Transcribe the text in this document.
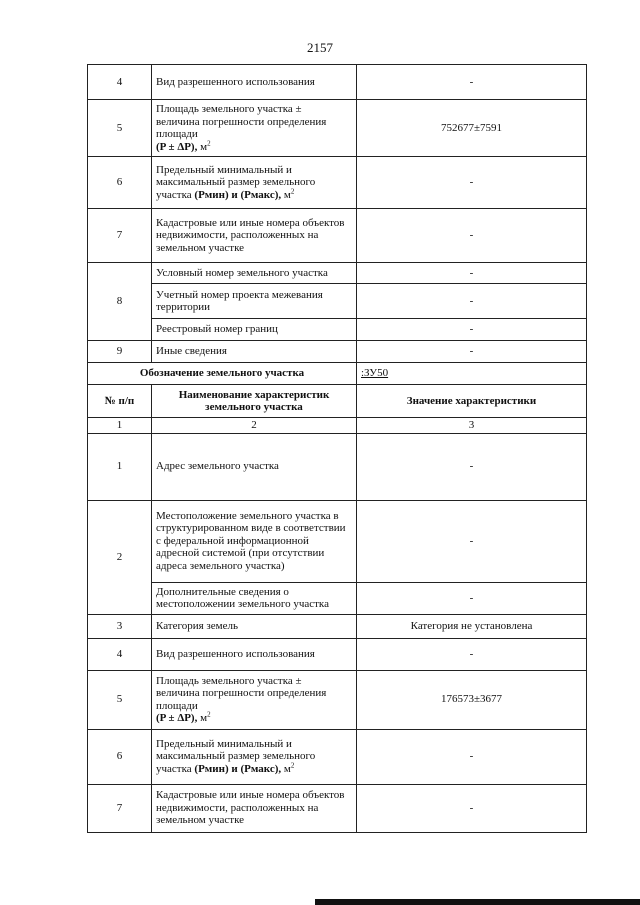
2157
4	Вид разрешенного использования	-
5	Площадь земельного участка ±
величина погрешности определения
площади
(P ± ΔP), $м^2$	752677±7591
6	Предельный минимальный и
максимальный размер земельного
участка (Рмин) и (Рмакс), $м^2$	-
7	Кадастровые или иные номера объектов недвижимости, расположенных на земельном участке	-
8	Условный номер земельного участка	-
	Учетный номер проекта межевания территории	-
	Реестровый номер границ	-
9	Иные сведения	-
Обозначение земельного участка		:ЗУ50
№ п/п	Наименование характеристик земельного участка	Значение характеристики
1	2	3
1	Адрес земельного участка	-
2	Местоположение земельного участка в структурированном виде в соответствии с федеральной информационной адресной системой (при отсутствии адреса земельного участка)	-
	Дополнительные сведения о местоположении земельного участка	-
3	Категория земель	Категория не установлена
4	Вид разрешенного использования	-
5	Площадь земельного участка ±
величина погрешности определения
площади
(P ± ΔP), $м^2$	176573±3677
6	Предельный минимальный и
максимальный размер земельного
участка (Рмин) и (Рмакс), $м^2$	-
7	Кадастровые или иные номера объектов недвижимости, расположенных на земельном участке	-
